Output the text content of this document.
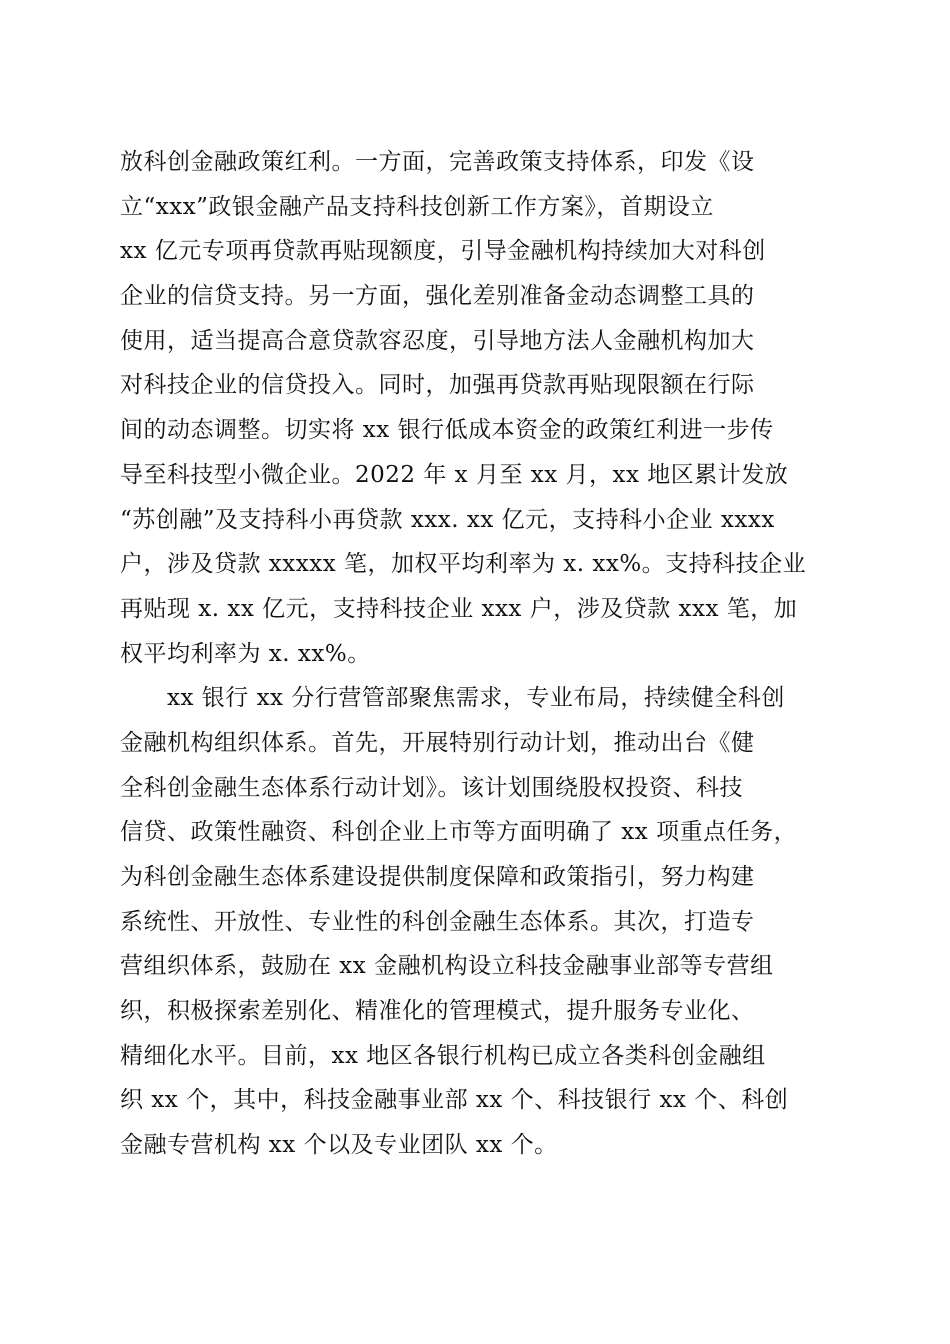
放科创金融政策红利。一方面，完善政策支持体系，印发《设
立“xxx”政银金融产品支持科技创新工作方案》，首期设立
xx 亿元专项再贷款再贴现额度，引导金融机构持续加大对科创
企业的信贷支持。另一方面，强化差别准备金动态调整工具的
使用，适当提高合意贷款容忍度，引导地方法人金融机构加大
对科技企业的信贷投入。同时，加强再贷款再贴现限额在行际
间的动态调整。切实将 xx 银行低成本资金的政策红利进一步传
导至科技型小微企业。2022 年 x 月至 xx 月，xx 地区累计发放
“苏创融”及支持科小再贷款 xxx. xx 亿元，支持科小企业 xxxx
户，涉及贷款 xxxxx 笔，加权平均利率为 x. xx%。支持科技企业
再贴现 x. xx 亿元，支持科技企业 xxx 户，涉及贷款 xxx 笔，加
权平均利率为 x. xx%。
　　xx 银行 xx 分行营管部聚焦需求，专业布局，持续健全科创
金融机构组织体系。首先，开展特别行动计划，推动出台《健
全科创金融生态体系行动计划》。该计划围绕股权投资、科技
信贷、政策性融资、科创企业上市等方面明确了 xx 项重点任务，
为科创金融生态体系建设提供制度保障和政策指引，努力构建
系统性、开放性、专业性的科创金融生态体系。其次，打造专
营组织体系，鼓励在 xx 金融机构设立科技金融事业部等专营组
织，积极探索差别化、精准化的管理模式，提升服务专业化、
精细化水平。目前，xx 地区各银行机构已成立各类科创金融组
织 xx 个，其中，科技金融事业部 xx 个、科技银行 xx 个、科创
金融专营机构 xx 个以及专业团队 xx 个。
